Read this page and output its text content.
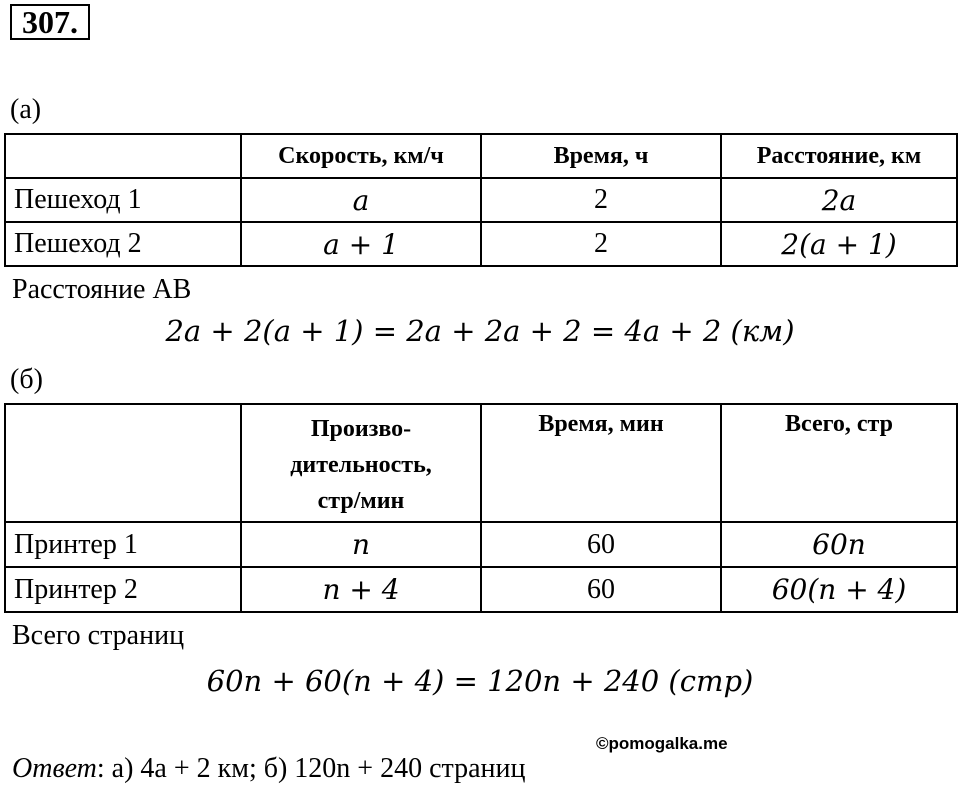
307.
(а)
	Скорость, км/ч	Время, ч	Расстояние, км
Пешеход 1	a	2	2a
Пешеход 2	a + 1	2	2(a + 1)
Расстояние АВ
2a + 2(a + 1) = 2a + 2a + 2 = 4a + 2 (км)
(б)
	Произво-
дительность,
стр/мин	Время, мин	Всего, стр
Принтер 1	n	60	60n
Принтер 2	n + 4	60	60(n + 4)
Всего страниц
60n + 60(n + 4) = 120n + 240 (стр)
©pomogalka.me
Ответ: а) 4a + 2 км; б) 120n + 240 страниц
